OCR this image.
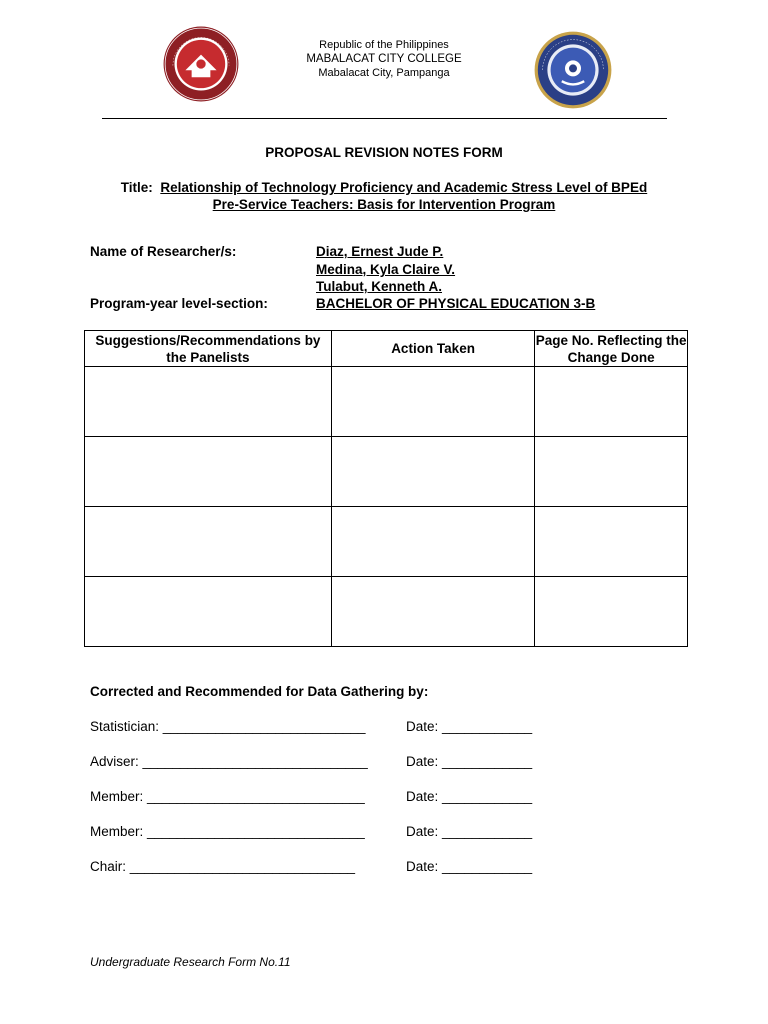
Republic of the Philippines
MABALACAT CITY COLLEGE
Mabalacat City, Pampanga
PROPOSAL REVISION NOTES FORM
Title: Relationship of Technology Proficiency and Academic Stress Level of BPEd
Pre-Service Teachers: Basis for Intervention Program
Name of Researcher/s:	Diaz, Ernest Jude P.
Medina, Kyla Claire V.
Tulabut, Kenneth A.
Program-year level-section:	BACHELOR OF PHYSICAL EDUCATION 3-B
Suggestions/Recommendations by the Panelists	Action Taken	Page No. Reflecting the Change Done

Corrected and Recommended for Data Gathering by:
Statistician: ___________________________	Date: ____________
Adviser: ______________________________	Date: ____________
Member: _____________________________	Date: ____________
Member: _____________________________	Date: ____________
Chair: ______________________________	Date: ____________
Undergraduate Research Form No.11
